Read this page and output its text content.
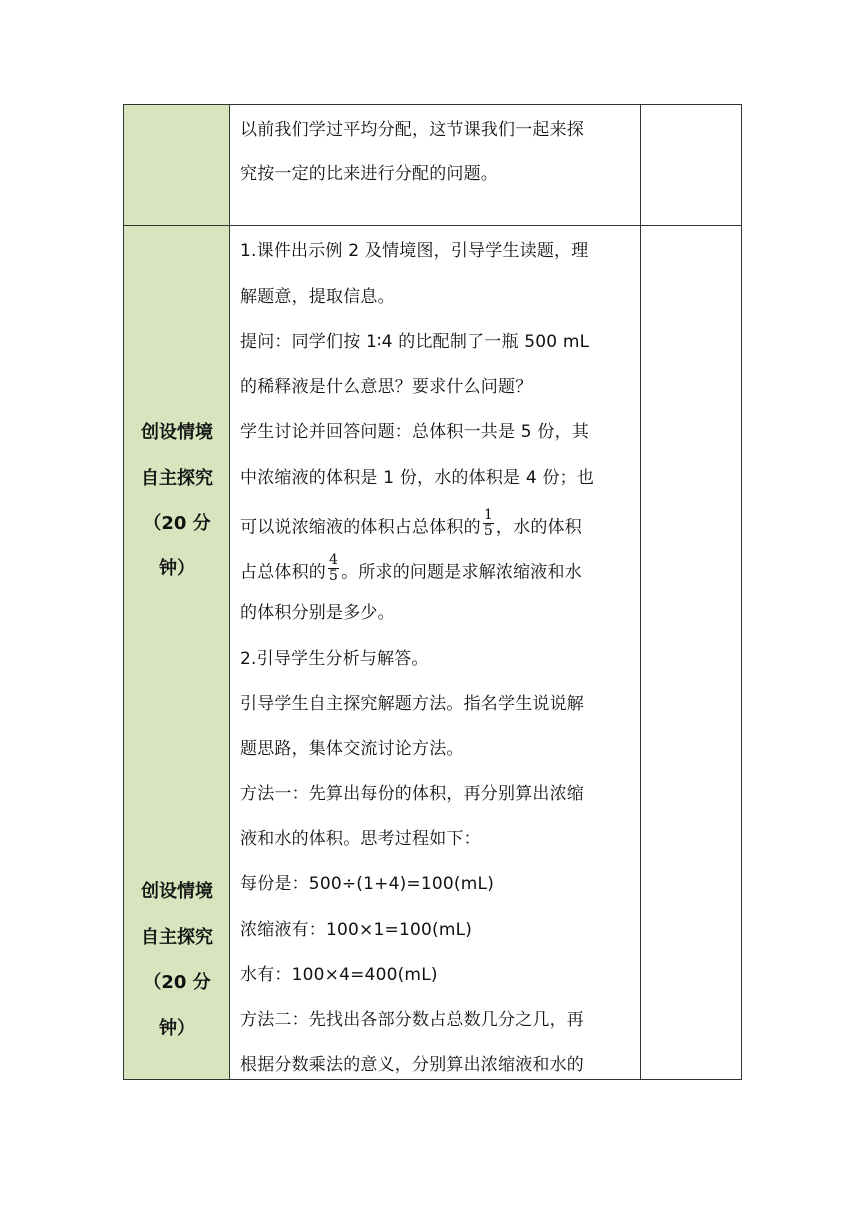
以前我们学过平均分配，这节课我们一起来探
究按一定的比来进行分配的问题。
创设情境
自主探究
（20 分
钟）
创设情境
自主探究
（20 分
钟）
1.课件出示例 2 及情境图，引导学生读题，理
解题意，提取信息。
提问：同学们按 1∶4 的比配制了一瓶 500 mL
的稀释液是什么意思？要求什么问题？
学生讨论并回答问题：总体积一共是 5 份，其
中浓缩液的体积是 1 份，水的体积是 4 份；也
可以说浓缩液的体积占总体积的 $\frac{1}{5}$ ，水的体积
占总体积的 $\frac{4}{5}$ 。所求的问题是求解浓缩液和水
的体积分别是多少。
2.引导学生分析与解答。
引导学生自主探究解题方法。指名学生说说解
题思路，集体交流讨论方法。
方法一：先算出每份的体积，再分别算出浓缩
液和水的体积。思考过程如下：
每份是：500÷(1+4)=100(mL)
浓缩液有：100×1=100(mL)
水有：100×4=400(mL)
方法二：先找出各部分数占总数几分之几，再
根据分数乘法的意义，分别算出浓缩液和水的
